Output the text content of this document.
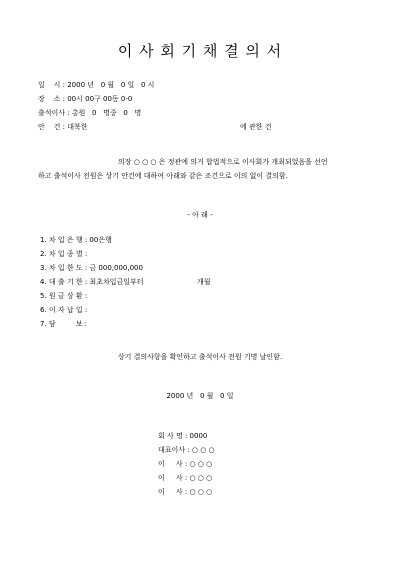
이 사 회 기 채 결 의 서
일    시 : 2000 년   0 월   0 일   0 시
장    소 : 00시 00구 00동 0-0
출석이사 : 총원   0   명중   0   명
안    건 : 대북한	에 관한 건
의장 ○ ○ ○ 은 정관에 의거 합법적으로 이사회가 개최되었음을 선언
하고 출석이사 전원은 상기 안건에 대하여 아래와 같은 조건으로 이의 없이 결의함.
- 아 래 -
1. 차 입 은 행 : 00은행
2. 차 입 종 별 :
3. 차 입 한 도 : 금 000,000,000
4. 대 출 기 한 : 최초차입금일부터	개월
5. 원 금 상 환 :
6. 이 자 납 입 :
7. 담         보 :
상기 결의사항을 확인하고 출석이사 전원 기명 날인함.
2000 년   0 월   0 일
회 사 명 : 0000
대표이사 : ○ ○ ○
이     사 : ○ ○ ○
이     사 : ○ ○ ○
이     사 : ○ ○ ○
